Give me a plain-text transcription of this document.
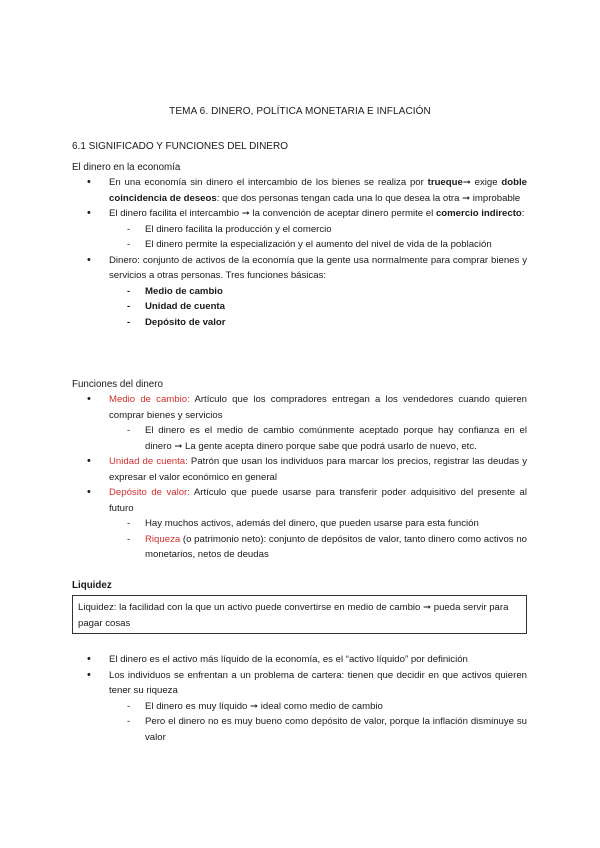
TEMA 6. DINERO, POLÍTICA MONETARIA E INFLACIÓN
6.1 SIGNIFICADO Y FUNCIONES DEL DINERO
El dinero en la economía
• En una economía sin dinero el intercambio de los bienes se realiza por trueque➞ exige doble coincidencia de deseos: que dos personas tengan cada una lo que desea la otra ➞ improbable
• El dinero facilita el intercambio ➞ la convención de aceptar dinero permite el comercio indirecto:
- El dinero facilita la producción y el comercio
- El dinero permite la especialización y el aumento del nivel de vida de la población
• Dinero: conjunto de activos de la economía que la gente usa normalmente para comprar bienes y servicios a otras personas. Tres funciones básicas:
- Medio de cambio
- Unidad de cuenta
- Depósito de valor
Funciones del dinero
• Medio de cambio: Artículo que los compradores entregan a los vendedores cuando quieren comprar bienes y servicios
- El dinero es el medio de cambio comúnmente aceptado porque hay confianza en el dinero ➞ La gente acepta dinero porque sabe que podrá usarlo de nuevo, etc.
• Unidad de cuenta: Patrón que usan los individuos para marcar los precios, registrar las deudas y expresar el valor económico en general
• Depósito de valor: Artículo que puede usarse para transferir poder adquisitivo del presente al futuro
- Hay muchos activos, además del dinero, que pueden usarse para esta función
- Riqueza (o patrimonio neto): conjunto de depósitos de valor, tanto dinero como activos no monetarios, netos de deudas
Liquidez
Liquidez: la facilidad con la que un activo puede convertirse en medio de cambio ➞ pueda servir para pagar cosas
• El dinero es el activo más líquido de la economía, es el “activo líquido” por definición
• Los individuos se enfrentan a un problema de cartera: tienen que decidir en que activos quieren tener su riqueza
- El dinero es muy líquido ➞ ideal como medio de cambio
- Pero el dinero no es muy bueno como depósito de valor, porque la inflación disminuye su valor
